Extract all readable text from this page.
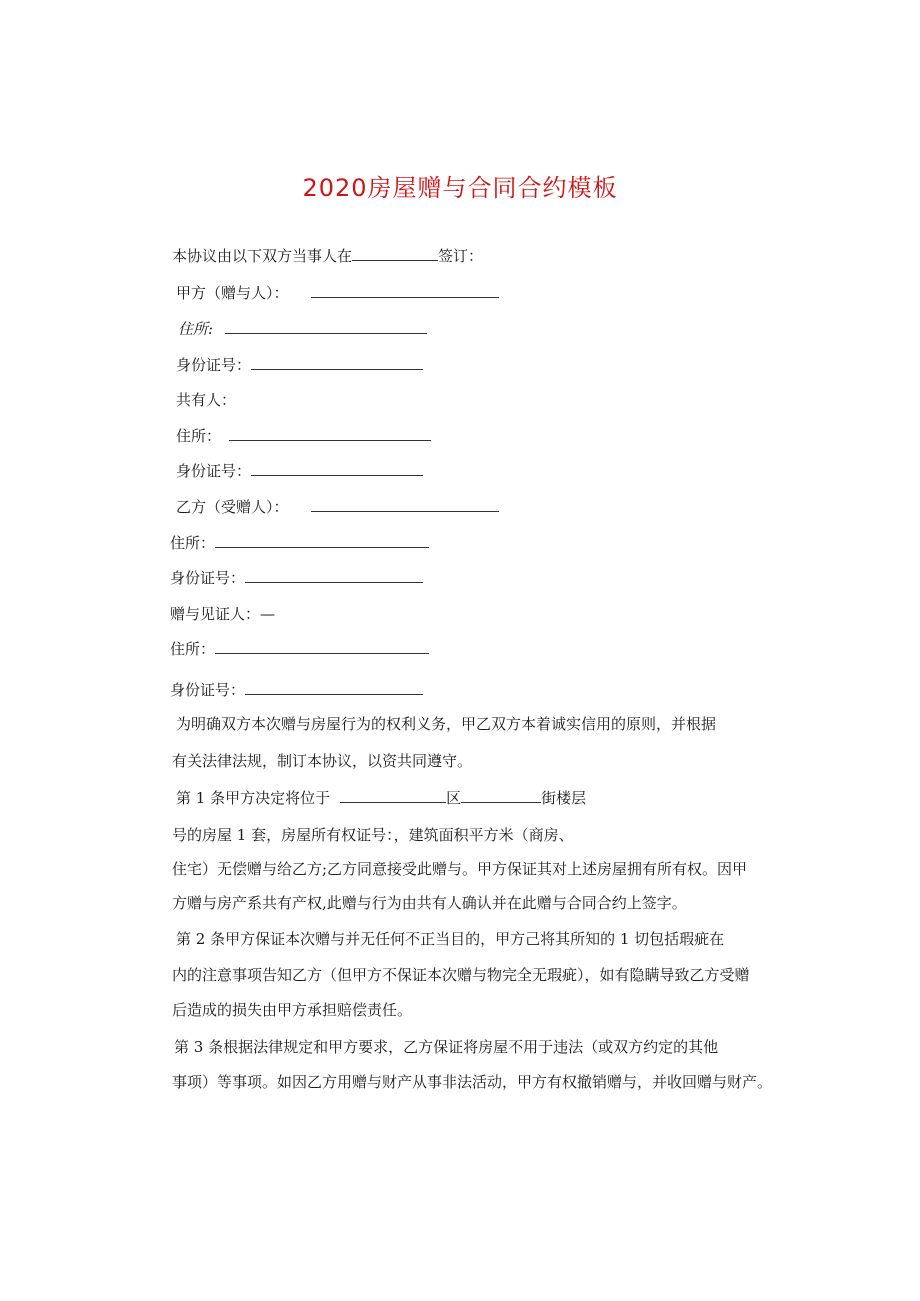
2020房屋赠与合同合约模板
本协议由以下双方当事人在	签订：
甲方（赠与人）：
住所:
身份证号：
共有人：
住所：
身份证号：
乙方（受赠人）：
住所：
身份证号：
赠与见证人：—
住所：
身份证号：
为明确双方本次赠与房屋行为的权利义务，甲乙双方本着诚实信用的原则，并根据
有关法律法规，制订本协议，以资共同遵守。
第 1 条甲方决定将位于	区	街楼层
号的房屋 1 套，房屋所有权证号：，建筑面积平方米（商房、
住宅）无偿赠与给乙方;乙方同意接受此赠与。甲方保证其对上述房屋拥有所有权。因甲
方赠与房产系共有产权,此赠与行为由共有人确认并在此赠与合同合约上签字。
第 2 条甲方保证本次赠与并无任何不正当目的，甲方己将其所知的 1 切包括瑕疵在
内的注意事项告知乙方（但甲方不保证本次赠与物完全无瑕疵），如有隐瞒导致乙方受赠
后造成的损失由甲方承担赔偿责任。
第 3 条根据法律规定和甲方要求，乙方保证将房屋不用于违法（或双方约定的其他
事项）等事项。如因乙方用赠与财产从事非法活动，甲方有权撤销赠与，并收回赠与财产。
